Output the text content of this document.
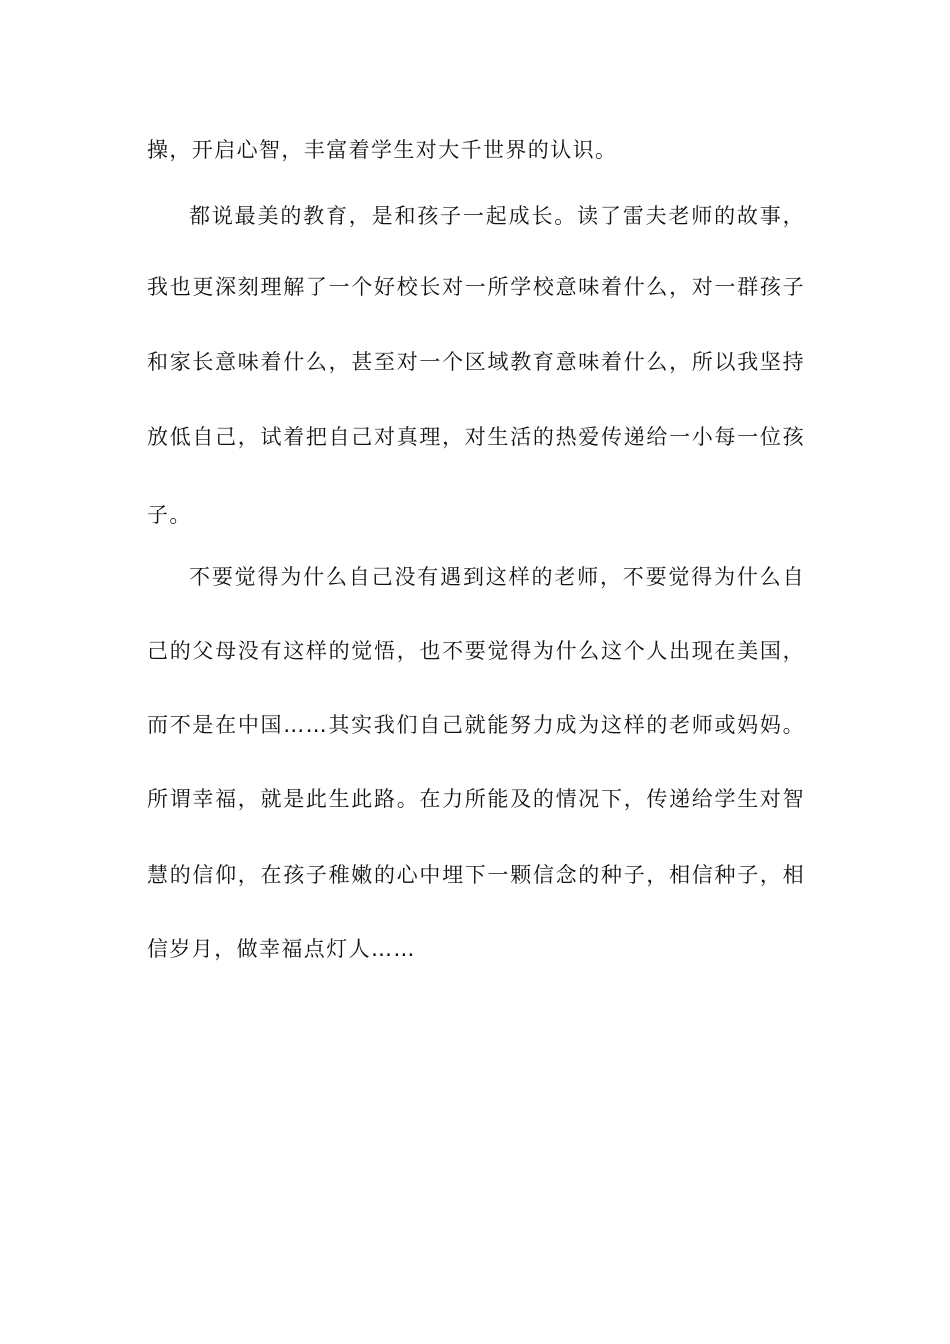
操，开启心智，丰富着学生对大千世界的认识。
都说最美的教育，是和孩子一起成长。读了雷夫老师的故事，
我也更深刻理解了一个好校长对一所学校意味着什么，对一群孩子
和家长意味着什么，甚至对一个区域教育意味着什么，所以我坚持
放低自己，试着把自己对真理，对生活的热爱传递给一小每一位孩
子。
不要觉得为什么自己没有遇到这样的老师，不要觉得为什么自
己的父母没有这样的觉悟，也不要觉得为什么这个人出现在美国，
而不是在中国……其实我们自己就能努力成为这样的老师或妈妈。
所谓幸福，就是此生此路。在力所能及的情况下，传递给学生对智
慧的信仰，在孩子稚嫩的心中埋下一颗信念的种子，相信种子，相
信岁月，做幸福点灯人……
